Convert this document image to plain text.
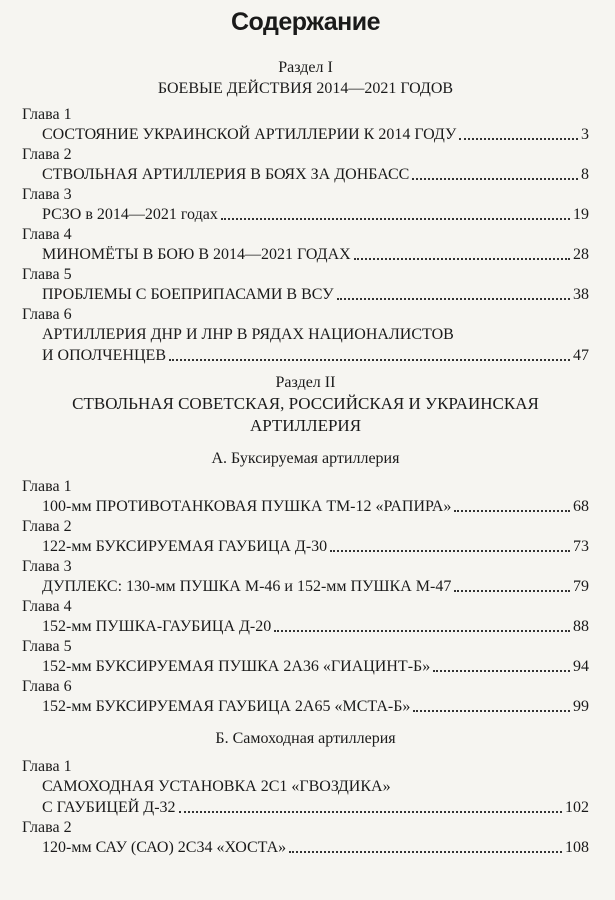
Содержание
Раздел I
БОЕВЫЕ ДЕЙСТВИЯ 2014—2021 ГОДОВ
Глава 1
СОСТОЯНИЕ УКРАИНСКОЙ АРТИЛЛЕРИИ К 2014 ГОДУ	3
Глава 2
СТВОЛЬНАЯ АРТИЛЛЕРИЯ В БОЯХ ЗА ДОНБАСС	8
Глава 3
РСЗО в 2014—2021 годах	19
Глава 4
МИНОМЁТЫ В БОЮ В 2014—2021 ГОДАХ	28
Глава 5
ПРОБЛЕМЫ С БОЕПРИПАСАМИ В ВСУ	38
Глава 6
АРТИЛЛЕРИЯ ДНР И ЛНР В РЯДАХ НАЦИОНАЛИСТОВ
И ОПОЛЧЕНЦЕВ	47
Раздел II
СТВОЛЬНАЯ СОВЕТСКАЯ, РОССИЙСКАЯ И УКРАИНСКАЯ
АРТИЛЛЕРИЯ
А. Буксируемая артиллерия
Глава 1
100-мм ПРОТИВОТАНКОВАЯ ПУШКА ТМ-12 «РАПИРА»	68
Глава 2
122-мм БУКСИРУЕМАЯ ГАУБИЦА Д-30	73
Глава 3
ДУПЛЕКС: 130-мм ПУШКА М-46 и 152-мм ПУШКА М-47	79
Глава 4
152-мм ПУШКА-ГАУБИЦА Д-20	88
Глава 5
152-мм БУКСИРУЕМАЯ ПУШКА 2А36 «ГИАЦИНТ-Б»	94
Глава 6
152-мм БУКСИРУЕМАЯ ГАУБИЦА 2А65 «МСТА-Б»	99
Б. Самоходная артиллерия
Глава 1
САМОХОДНАЯ УСТАНОВКА 2С1 «ГВОЗДИКА»
С ГАУБИЦЕЙ Д-32	102
Глава 2
120-мм САУ (САО) 2С34 «ХОСТА»	108
